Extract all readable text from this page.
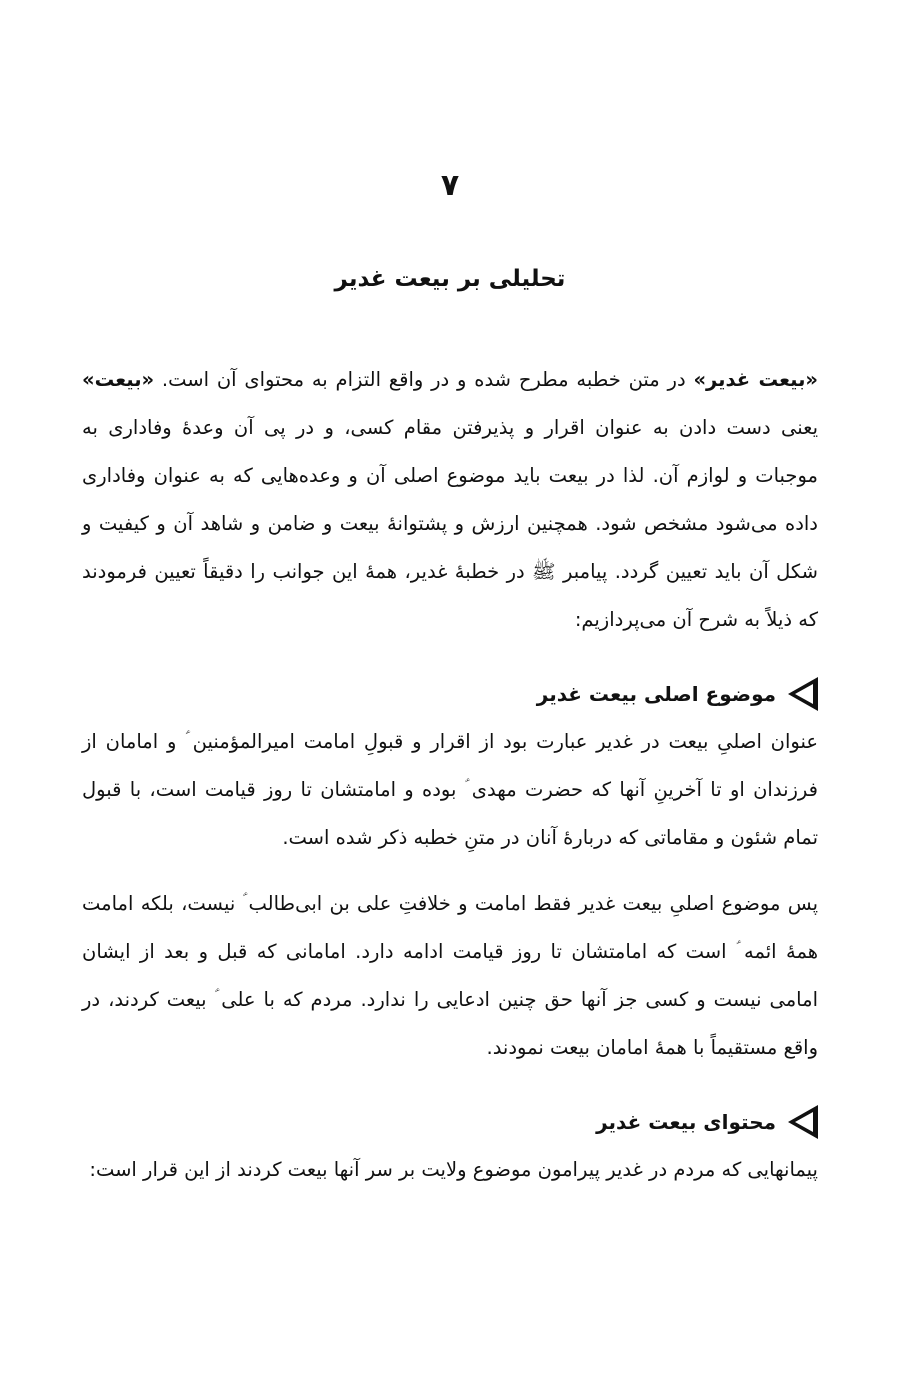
۷
تحلیلی بر بیعت غدیر

«بیعت غدیر» در متن خطبه مطرح شده و در واقع التزام به محتوای آن است. «بیعت» یعنی دست دادن به عنوان اقرار و پذیرفتن مقام کسی، و در پی آن وعدهٔ وفاداری به موجبات و لوازم آن. لذا در بیعت باید موضوع اصلی آن و وعده‌هایی که به عنوان وفاداری داده می‌شود مشخص شود. همچنین ارزش و پشتوانهٔ بیعت و ضامن و شاهد آن و کیفیت و شکل آن باید تعیین گردد. پیامبر ﷺ در خطبهٔ غدیر، همهٔ این جوانب را دقیقاً تعیین فرمودند که ذیلاً به شرح آن می‌پردازیم:

موضوع اصلی بیعت غدیر

عنوان اصلیِ بیعت در غدیر عبارت بود از اقرار و قبولِ امامت امیرالمؤمنین ؑ و امامان از فرزندان او تا آخرینِ آنها که حضرت مهدی ؑ بوده و امامتشان تا روز قیامت است، با قبول تمام شئون و مقاماتی که دربارهٔ آنان در متنِ خطبه ذکر شده است.

پس موضوع اصلیِ بیعت غدیر فقط امامت و خلافتِ علی بن ابی‌طالب ؑ نیست، بلکه امامت همهٔ ائمه ؑ است که امامتشان تا روز قیامت ادامه دارد. امامانی که قبل و بعد از ایشان امامی نیست و کسی جز آنها حق چنین ادعایی را ندارد. مردم که با علی ؑ بیعت کردند، در واقع مستقیماً با همهٔ امامان بیعت نمودند.

محتوای بیعت غدیر

پیمانهایی که مردم در غدیر پیرامون موضوع ولایت بر سر آنها بیعت کردند از این قرار است:
